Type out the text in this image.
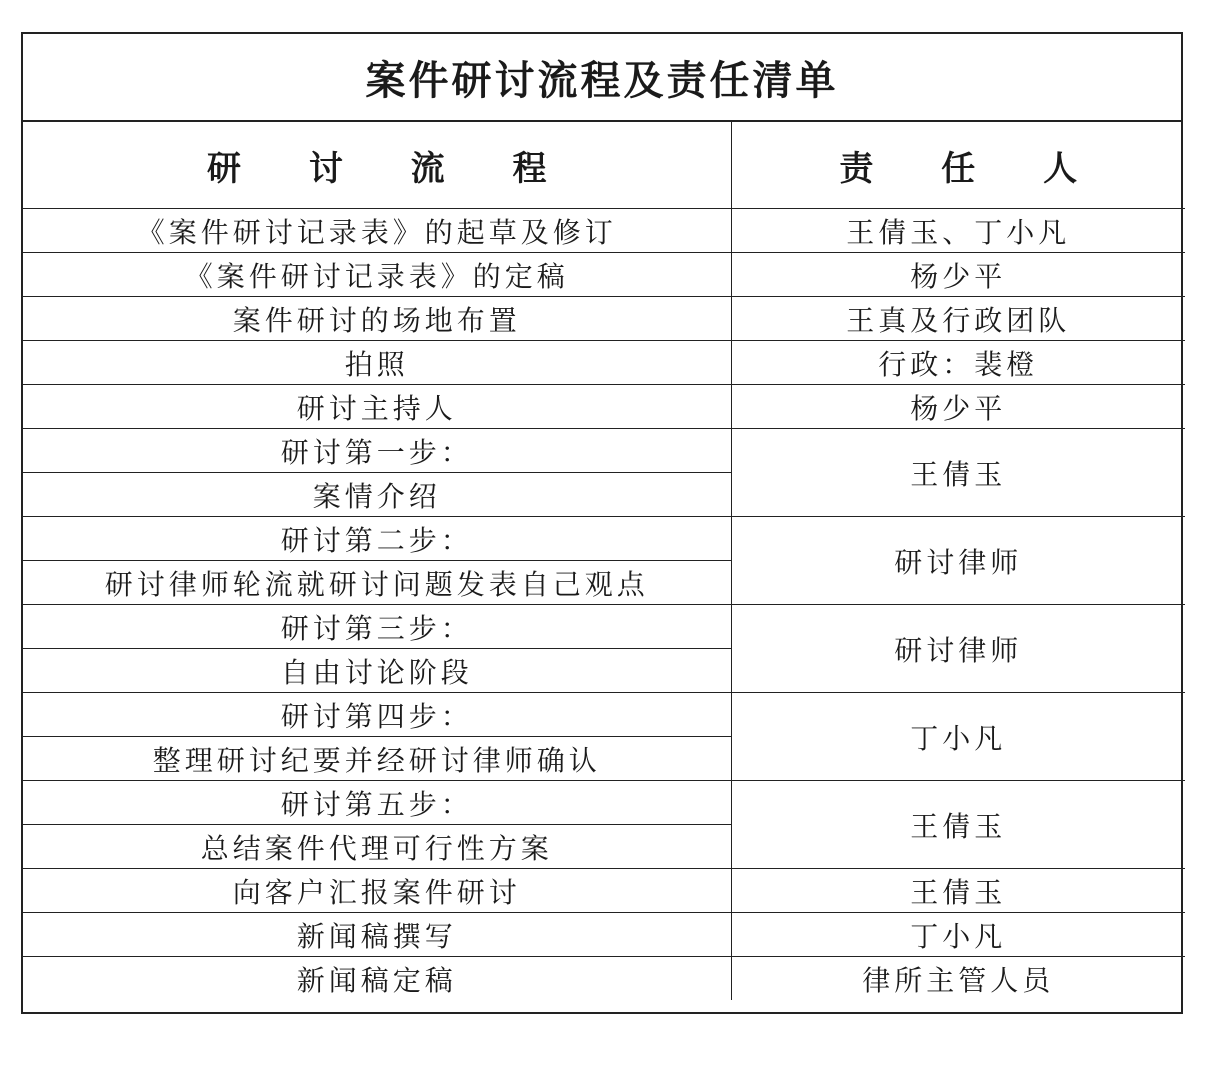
案件研讨流程及责任清单
研 讨 流 程	责 任 人
《案件研讨记录表》的起草及修订	王倩玉、丁小凡
《案件研讨记录表》的定稿	杨少平
案件研讨的场地布置	王真及行政团队
拍照	行政：裴橙
研讨主持人	杨少平
研讨第一步：	王倩玉
案情介绍	
研讨第二步：	研讨律师
研讨律师轮流就研讨问题发表自己观点	
研讨第三步：	研讨律师
自由讨论阶段	
研讨第四步：	丁小凡
整理研讨纪要并经研讨律师确认	
研讨第五步：	王倩玉
总结案件代理可行性方案	
向客户汇报案件研讨	王倩玉
新闻稿撰写	丁小凡
新闻稿定稿	律所主管人员
